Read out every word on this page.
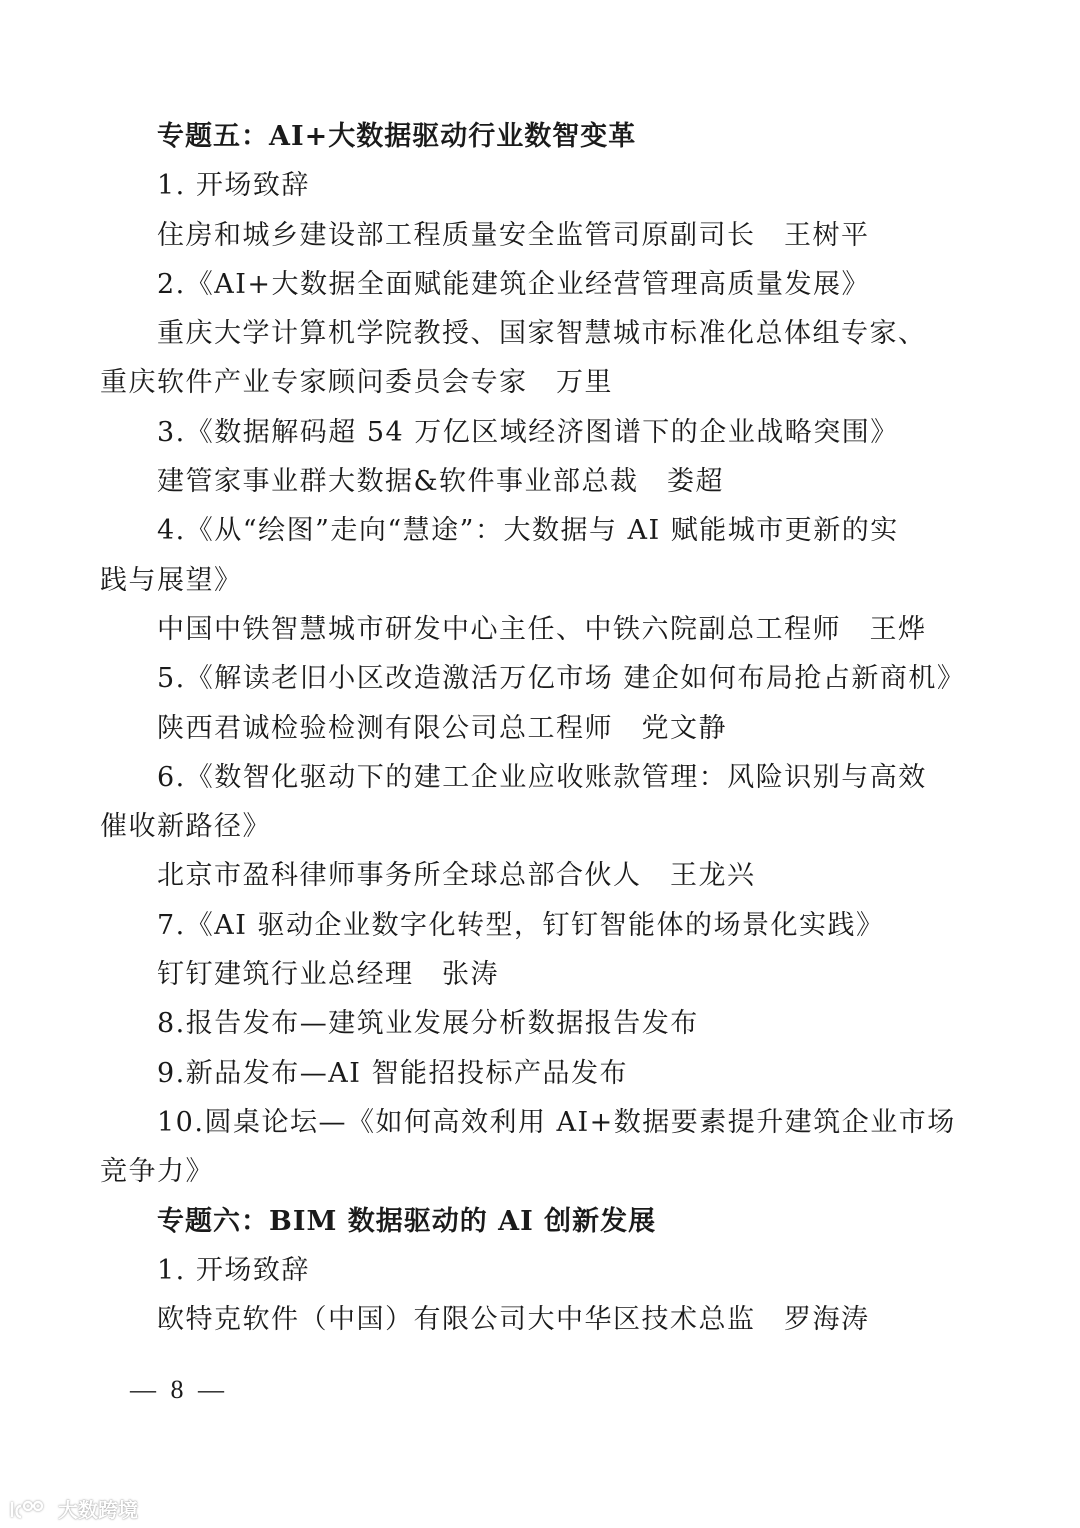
专题五：AI+大数据驱动行业数智变革
1. 开场致辞
住房和城乡建设部工程质量安全监管司原副司长　王树平
2.《AI+大数据全面赋能建筑企业经营管理高质量发展》
重庆大学计算机学院教授、国家智慧城市标准化总体组专家、
重庆软件产业专家顾问委员会专家　万里
3.《数据解码超 54 万亿区域经济图谱下的企业战略突围》
建管家事业群大数据&软件事业部总裁　娄超
4.《从“绘图”走向“慧途”：大数据与 AI 赋能城市更新的实
践与展望》
中国中铁智慧城市研发中心主任、中铁六院副总工程师　王烨
5.《解读老旧小区改造激活万亿市场 建企如何布局抢占新商机》
陕西君诚检验检测有限公司总工程师　党文静
6.《数智化驱动下的建工企业应收账款管理：风险识别与高效
催收新路径》
北京市盈科律师事务所全球总部合伙人　王龙兴
7.《AI 驱动企业数字化转型，钉钉智能体的场景化实践》
钉钉建筑行业总经理　张涛
8.报告发布—建筑业发展分析数据报告发布
9.新品发布—AI 智能招投标产品发布
10.圆桌论坛—《如何高效利用 AI+数据要素提升建筑企业市场
竞争力》
专题六：BIM 数据驱动的 AI 创新发展
1. 开场致辞
欧特克软件（中国）有限公司大中华区技术总监　罗海涛
— 8 —
大数跨境
